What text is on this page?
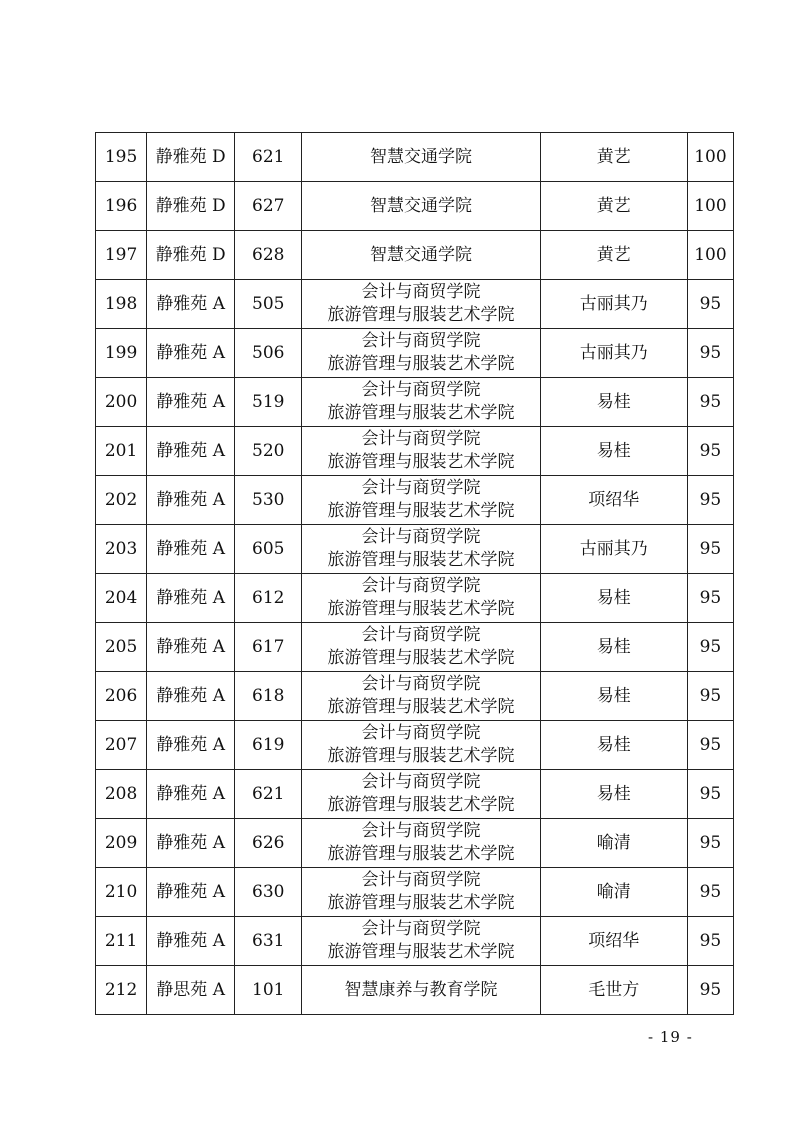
195	静雅苑 D	621	智慧交通学院	黄艺	100
196	静雅苑 D	627	智慧交通学院	黄艺	100
197	静雅苑 D	628	智慧交通学院	黄艺	100
198	静雅苑 A	505	会计与商贸学院
旅游管理与服装艺术学院	古丽其乃	95
199	静雅苑 A	506	会计与商贸学院
旅游管理与服装艺术学院	古丽其乃	95
200	静雅苑 A	519	会计与商贸学院
旅游管理与服装艺术学院	易桂	95
201	静雅苑 A	520	会计与商贸学院
旅游管理与服装艺术学院	易桂	95
202	静雅苑 A	530	会计与商贸学院
旅游管理与服装艺术学院	项绍华	95
203	静雅苑 A	605	会计与商贸学院
旅游管理与服装艺术学院	古丽其乃	95
204	静雅苑 A	612	会计与商贸学院
旅游管理与服装艺术学院	易桂	95
205	静雅苑 A	617	会计与商贸学院
旅游管理与服装艺术学院	易桂	95
206	静雅苑 A	618	会计与商贸学院
旅游管理与服装艺术学院	易桂	95
207	静雅苑 A	619	会计与商贸学院
旅游管理与服装艺术学院	易桂	95
208	静雅苑 A	621	会计与商贸学院
旅游管理与服装艺术学院	易桂	95
209	静雅苑 A	626	会计与商贸学院
旅游管理与服装艺术学院	喻清	95
210	静雅苑 A	630	会计与商贸学院
旅游管理与服装艺术学院	喻清	95
211	静雅苑 A	631	会计与商贸学院
旅游管理与服装艺术学院	项绍华	95
212	静思苑 A	101	智慧康养与教育学院	毛世方	95
- 19 -
